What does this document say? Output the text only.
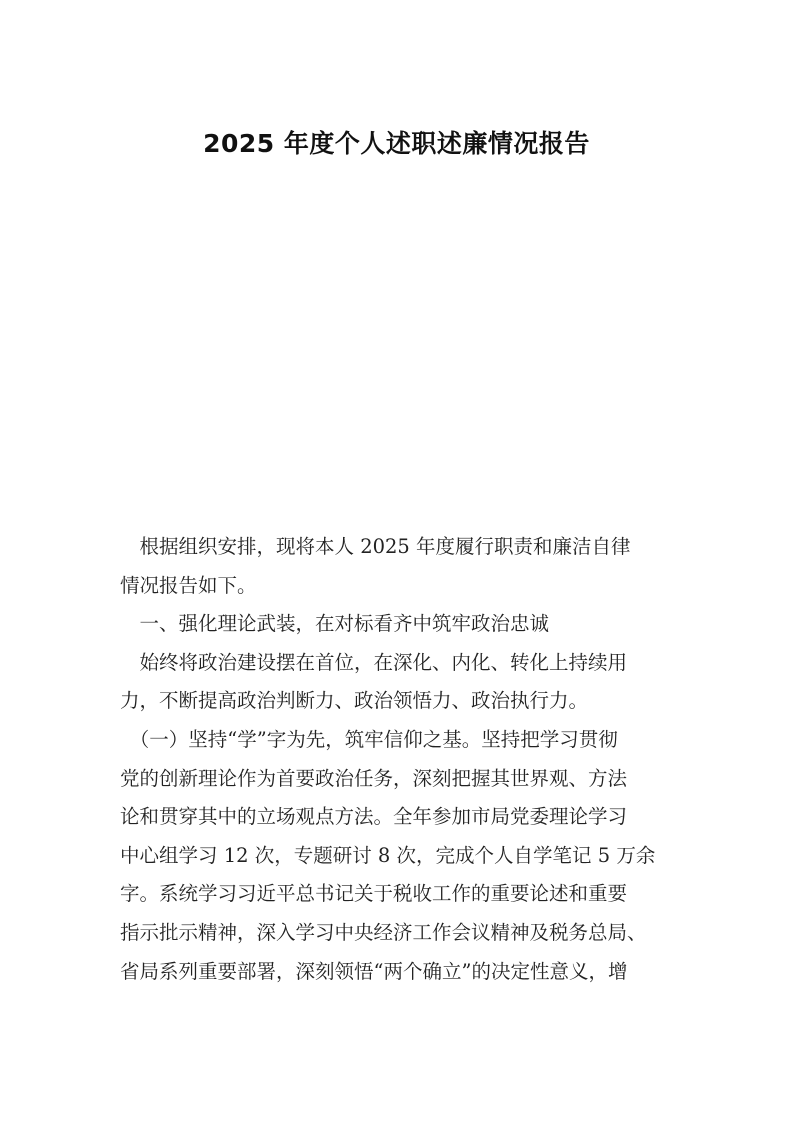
2025 年度个人述职述廉情况报告
　根据组织安排，现将本人 2025 年度履行职责和廉洁自律
情况报告如下。
　一、强化理论武装，在对标看齐中筑牢政治忠诚
　始终将政治建设摆在首位，在深化、内化、转化上持续用
力，不断提高政治判断力、政治领悟力、政治执行力。
　（一）坚持“学”字为先，筑牢信仰之基。坚持把学习贯彻
党的创新理论作为首要政治任务，深刻把握其世界观、方法
论和贯穿其中的立场观点方法。全年参加市局党委理论学习
中心组学习 12 次，专题研讨 8 次，完成个人自学笔记 5 万余
字。系统学习习近平总书记关于税收工作的重要论述和重要
指示批示精神，深入学习中央经济工作会议精神及税务总局、
省局系列重要部署，深刻领悟“两个确立”的决定性意义，增
